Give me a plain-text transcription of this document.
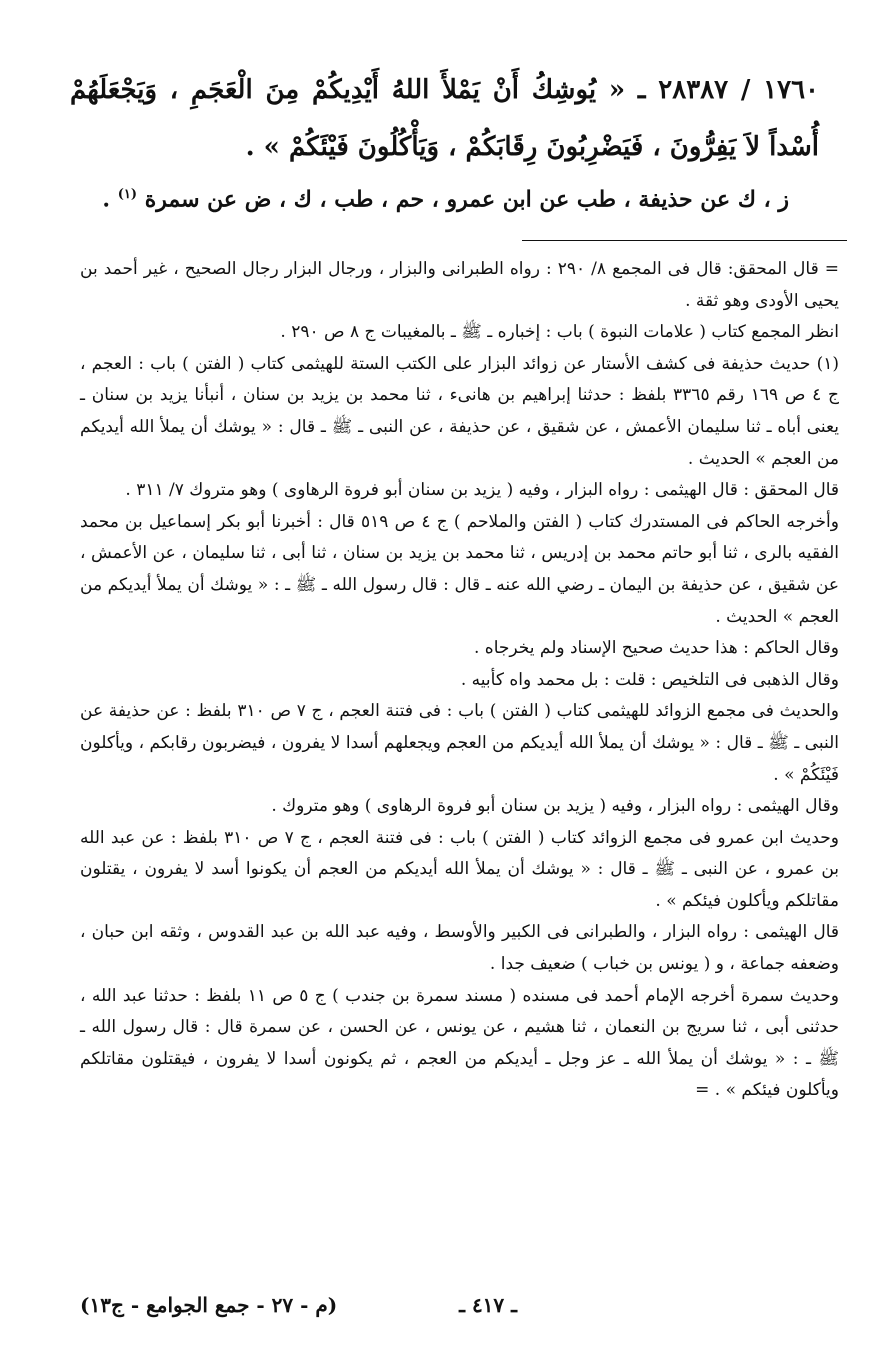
١٧٦٠ / ٢٨٣٨٧ ـ « يُوشِكُ أَنْ يَمْلأَ اللهُ أَيْدِيكُمْ مِنَ الْعَجَمِ ، وَيَجْعَلَهُمْ أُسْداً لاَ يَفِرُّونَ ، فَيَضْرِبُونَ رِقَابَكُمْ ، وَيَأْكُلُونَ فَيْئَكُمْ » .

ز ، ك عن حذيفة ، طب عن ابن عمرو ، حم ، طب ، ك ، ض عن سمرة $^{(١)}$ .

= قال المحقق: قال فى المجمع ٨/ ٢٩٠ : رواه الطبرانى والبزار ، ورجال البزار رجال الصحيح ، غير أحمد بن يحيى الأودى وهو ثقة .

انظر المجمع كتاب ( علامات النبوة ) باب : إخباره ـ ﷺ ـ بالمغيبات ج ٨ ص ٢٩٠ .

(١) حديث حذيفة فى كشف الأستار عن زوائد البزار على الكتب الستة للهيثمى كتاب ( الفتن ) باب : العجم ، ج ٤ ص ١٦٩ رقم ٣٣٦٥ بلفظ : حدثنا إبراهيم بن هانىء ، ثنا محمد بن يزيد بن سنان ، أنبأنا يزيد بن سنان ـ يعنى أباه ـ ثنا سليمان الأعمش ، عن شقيق ، عن حذيفة ، عن النبى ـ ﷺ ـ قال : « يوشك أن يملأ الله أيديكم من العجم » الحديث .

قال المحقق : قال الهيثمى : رواه البزار ، وفيه ( يزيد بن سنان أبو فروة الرهاوى ) وهو متروك ٧/ ٣١١ .

وأخرجه الحاكم فى المستدرك كتاب ( الفتن والملاحم ) ج ٤ ص ٥١٩ قال : أخبرنا أبو بكر إسماعيل بن محمد الفقيه بالرى ، ثنا أبو حاتم محمد بن إدريس ، ثنا محمد بن يزيد بن سنان ، ثنا أبى ، ثنا سليمان ، عن الأعمش ، عن شقيق ، عن حذيفة بن اليمان ـ رضي الله عنه ـ قال : قال رسول الله ـ ﷺ ـ : « يوشك أن يملأ أيديكم من العجم » الحديث .

وقال الحاكم : هذا حديث صحيح الإسناد ولم يخرجاه .

وقال الذهبى فى التلخيص : قلت : بل محمد واه كأبيه .

والحديث فى مجمع الزوائد للهيثمى كتاب ( الفتن ) باب : فى فتنة العجم ، ج ٧ ص ٣١٠ بلفظ : عن حذيفة عن النبى ـ ﷺ ـ قال : « يوشك أن يملأ الله أيديكم من العجم ويجعلهم أسدا لا يفرون ، فيضربون رقابكم ، ويأكلون فَيْئَكُمْ » .

وقال الهيثمى : رواه البزار ، وفيه ( يزيد بن سنان أبو فروة الرهاوى ) وهو متروك .

وحديث ابن عمرو فى مجمع الزوائد كتاب ( الفتن ) باب : فى فتنة العجم ، ج ٧ ص ٣١٠ بلفظ : عن عبد الله بن عمرو ، عن النبى ـ ﷺ ـ قال : « يوشك أن يملأ الله أيديكم من العجم أن يكونوا أسد لا يفرون ، يقتلون مقاتلكم ويأكلون فيئكم » .

قال الهيثمى : رواه البزار ، والطبرانى فى الكبير والأوسط ، وفيه عبد الله بن عبد القدوس ، وثقه ابن حبان ، وضعفه جماعة ، و ( يونس بن خباب ) ضعيف جدا .

وحديث سمرة أخرجه الإمام أحمد فى مسنده ( مسند سمرة بن جندب ) ج ٥ ص ١١ بلفظ : حدثنا عبد الله ، حدثنى أبى ، ثنا سريج بن النعمان ، ثنا هشيم ، عن يونس ، عن الحسن ، عن سمرة قال : قال رسول الله ـ ﷺ ـ : « يوشك أن يملأ الله ـ عز وجل ـ أيديكم من العجم ، ثم يكونون أسدا لا يفرون ، فيقتلون مقاتلكم ويأكلون فيئكم » . =

ـ ٤١٧ ـ
(م - ٢٧ - جمع الجوامع - ج١٣)
